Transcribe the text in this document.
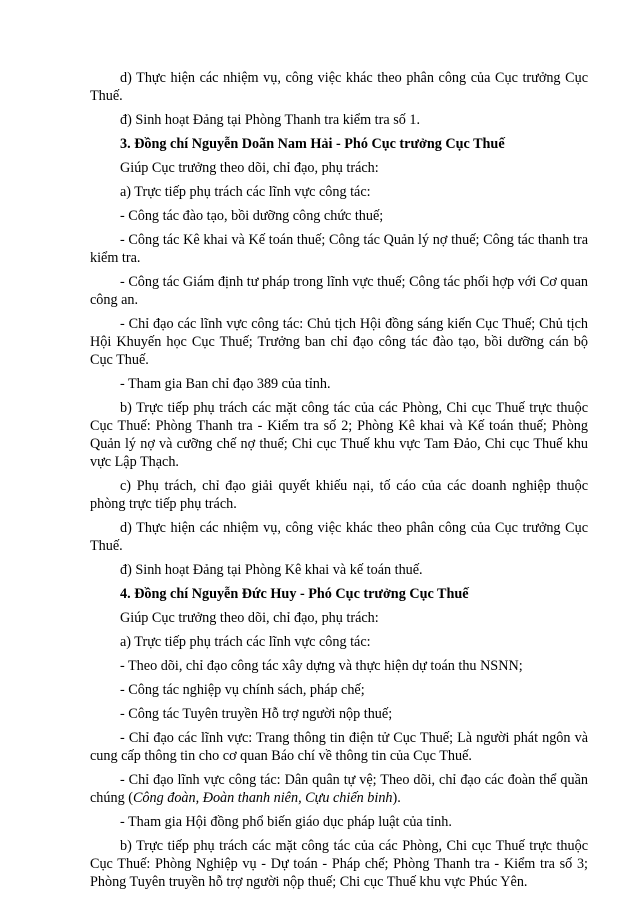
d) Thực hiện các nhiệm vụ, công việc khác theo phân công của Cục trưởng Cục Thuế.

đ) Sinh hoạt Đảng tại Phòng Thanh tra kiểm tra số 1.

3. Đồng chí Nguyễn Doãn Nam Hải - Phó Cục trưởng Cục Thuế

Giúp Cục trưởng theo dõi, chỉ đạo, phụ trách:

a) Trực tiếp phụ trách các lĩnh vực công tác:

- Công tác đào tạo, bồi dưỡng công chức thuế;

- Công tác Kê khai và Kế toán thuế; Công tác Quản lý nợ thuế; Công tác thanh tra kiểm tra.

- Công tác Giám định tư pháp trong lĩnh vực thuế; Công tác phối hợp với Cơ quan công an.

- Chỉ đạo các lĩnh vực công tác: Chủ tịch Hội đồng sáng kiến Cục Thuế; Chủ tịch Hội Khuyến học Cục Thuế; Trưởng ban chỉ đạo công tác đào tạo, bồi dưỡng cán bộ Cục Thuế.

- Tham gia Ban chỉ đạo 389 của tỉnh.

b) Trực tiếp phụ trách các mặt công tác của các Phòng, Chi cục Thuế trực thuộc Cục Thuế: Phòng Thanh tra - Kiểm tra số 2; Phòng Kê khai và Kế toán thuế; Phòng Quản lý nợ và cưỡng chế nợ thuế; Chi cục Thuế khu vực Tam Đảo, Chi cục Thuế khu vực Lập Thạch.

c) Phụ trách, chỉ đạo giải quyết khiếu nại, tố cáo của các doanh nghiệp thuộc phòng trực tiếp phụ trách.

d) Thực hiện các nhiệm vụ, công việc khác theo phân công của Cục trưởng Cục Thuế.

đ) Sinh hoạt Đảng tại Phòng Kê khai và kế toán thuế.

4. Đồng chí Nguyễn Đức Huy - Phó Cục trưởng Cục Thuế

Giúp Cục trưởng theo dõi, chỉ đạo, phụ trách:

a) Trực tiếp phụ trách các lĩnh vực công tác:

- Theo dõi, chỉ đạo công tác xây dựng và thực hiện dự toán thu NSNN;

- Công tác nghiệp vụ chính sách, pháp chế;

- Công tác Tuyên truyền Hỗ trợ người nộp thuế;

- Chỉ đạo các lĩnh vực: Trang thông tin điện tử Cục Thuế; Là người phát ngôn và cung cấp thông tin cho cơ quan Báo chí về thông tin của Cục Thuế.

- Chỉ đạo lĩnh vực công tác: Dân quân tự vệ; Theo dõi, chỉ đạo các đoàn thể quần chúng (Công đoàn, Đoàn thanh niên, Cựu chiến binh).

- Tham gia Hội đồng phổ biến giáo dục pháp luật của tỉnh.

b) Trực tiếp phụ trách các mặt công tác của các Phòng, Chi cục Thuế trực thuộc Cục Thuế: Phòng Nghiệp vụ - Dự toán - Pháp chế; Phòng Thanh tra - Kiểm tra số 3; Phòng Tuyên truyền hỗ trợ người nộp thuế; Chi cục Thuế khu vực Phúc Yên.
